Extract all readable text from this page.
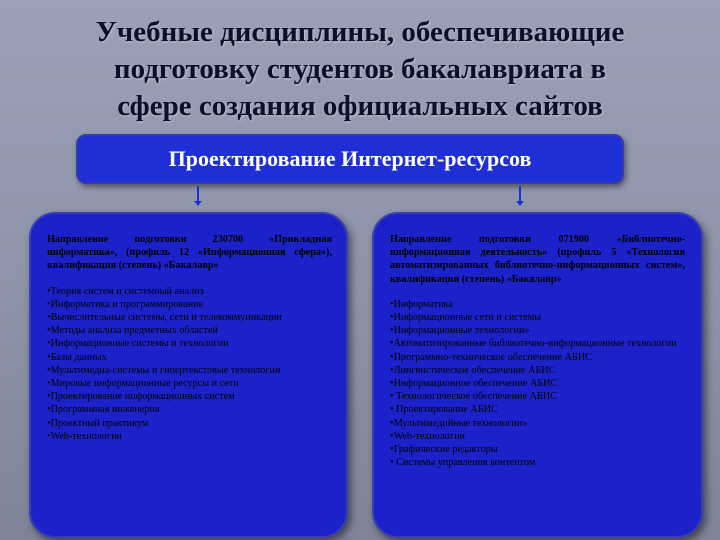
Учебные дисциплины, обеспечивающие
подготовку студентов бакалавриата в
сфере создания официальных сайтов
Проектирование Интернет-ресурсов
Направление подготовки 230700 «Прикладная информатика», (профиль 12 «Информационная сфера»), квалификация (степень) «Бакалавр»
•Теория систем и системный анализ
•Информатика и программирование
•Вычислительные системы, сети и телекоммуникации
•Методы анализа предметных областей
•Информационные системы и технологии
•Базы данных
•Мультимедиа-системы и гипертекстовые технологии
•Мировые информационные ресурсы и сети
•Проектирование информационных систем
•Программная инженерия
•Проектный практикум
•Web-технологии
Направление подготовки 071900 «Библиотечно-информационная деятельность» (профиль 5 «Технология автоматизированных библиотечно-информационных систем», квалификация (степень) «Бакалавр»
•Информатика
•Информационные сети и системы
•Информационные технологии»
•Автоматизированные библиотечно-информационные технологии
•Программно-техническое обеспечение АБИС
•Лингвистическое обеспечение АБИС
•Информационное обеспечение АБИС
• Технологическое обеспечение АБИС
• Проектирование АБИС
•Мультимедийные технологии»
•Web-технологии
•Графические редакторы
• Системы управления контентом
